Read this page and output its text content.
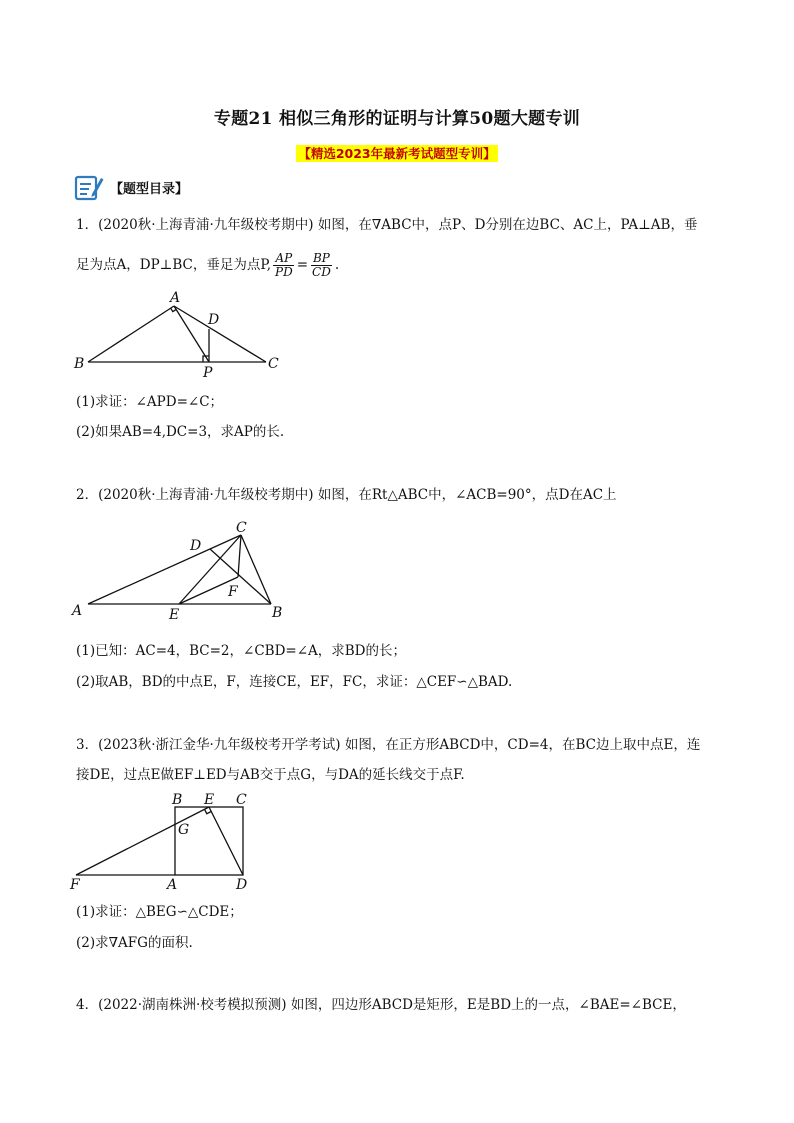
专题21 相似三角形的证明与计算50题大题专训
【精选2023年最新考试题型专训】
【题型目录】
1．(2020秋·上海青浦·九年级校考期中) 如图，在∇ABC中，点P、D分别在边BC、AC上，PA⊥AB，垂
足为点A，DP⊥BC，垂足为点P, $\frac{AP}{PD} = \frac{BP}{CD}$ .
A
B	C
D
P
(1)求证：∠APD=∠C；
(2)如果AB=4,DC=3，求AP的长.
2．(2020秋·上海青浦·九年级校考期中) 如图，在Rt△ABC中，∠ACB=90°，点D在AC上
C
D
F
A	E	B
(1)已知：AC=4，BC=2，∠CBD=∠A，求BD的长；
(2)取AB，BD的中点E，F，连接CE，EF，FC，求证：△CEF∽△BAD.
3．(2023秋·浙江金华·九年级校考开学考试) 如图，在正方形ABCD中，CD=4，在BC边上取中点E，连
接DE，过点E做EF⊥ED与AB交于点G，与DA的延长线交于点F.
B E C
G
F	A	D
(1)求证：△BEG∽△CDE；
(2)求∇AFG的面积.
4．(2022·湖南株洲·校考模拟预测) 如图，四边形ABCD是矩形，E是BD上的一点，∠BAE=∠BCE，
